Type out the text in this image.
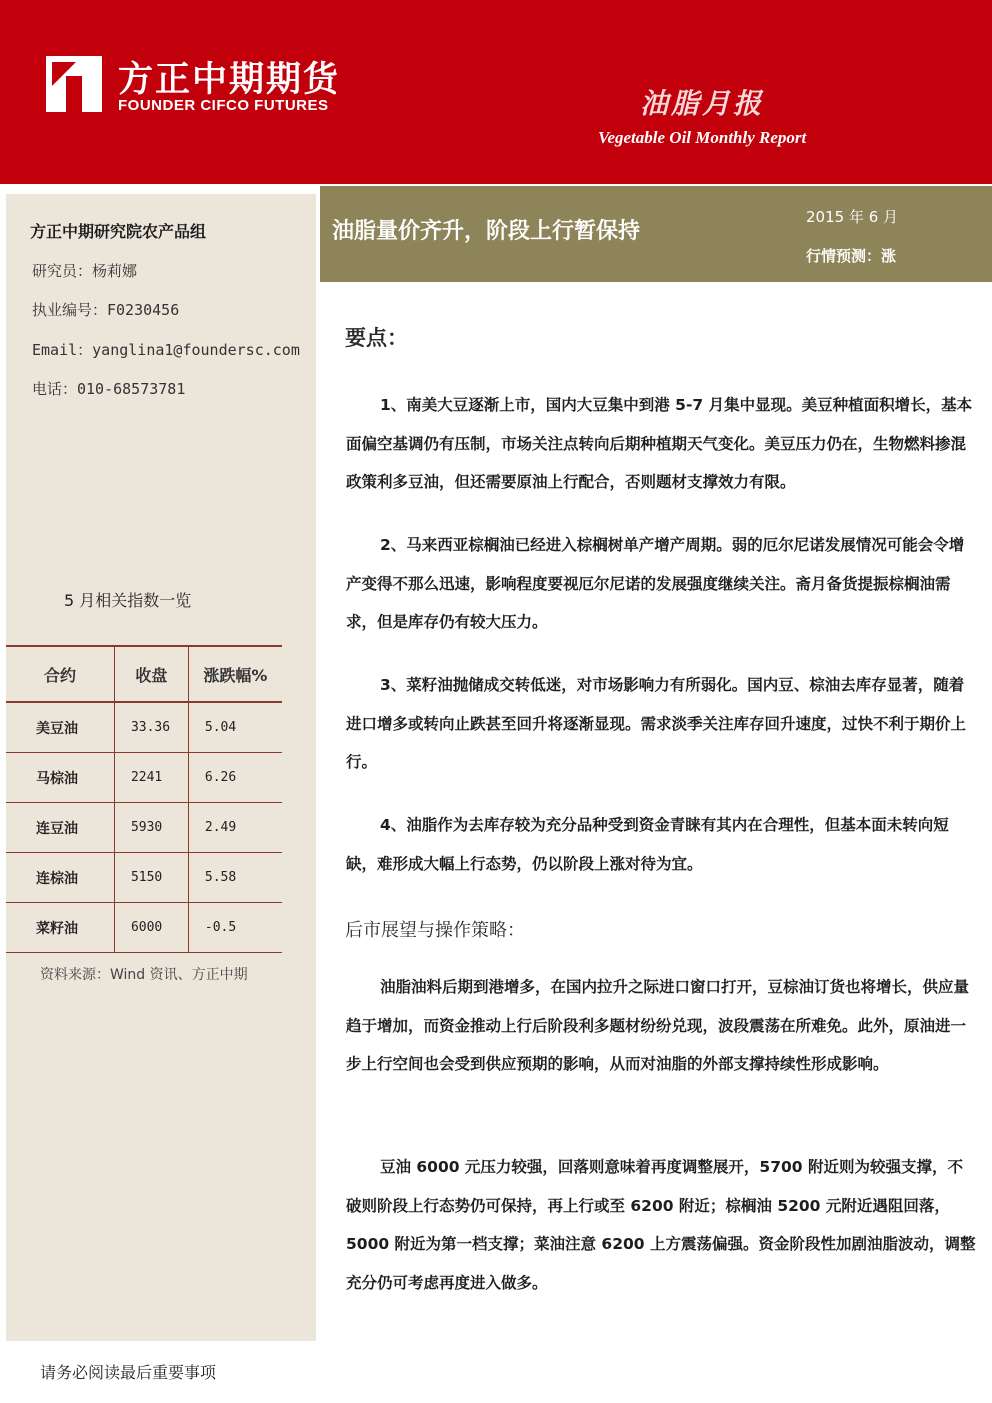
方正中期期货
FOUNDER CIFCO FUTURES	油脂月报
Vegetable Oil Monthly Report
方正中期研究院农产品组
研究员：杨莉娜
执业编号：F0230456
Email：yanglina1@foundersc.com
电话：010-68573781
5 月相关指数一览
合约	收盘	涨跌幅%
美豆油	33.36	5.04
马棕油	2241	6.26
连豆油	5930	2.49
连棕油	5150	5.58
菜籽油	6000	-0.5
资料来源：Wind 资讯、方正中期
油脂量价齐升，阶段上行暂保持
2015 年 6 月
行情预测：涨
要点：

1、南美大豆逐渐上市，国内大豆集中到港 5-7 月集中显现。美豆种植面积增长，基本面偏空基调仍有压制，市场关注点转向后期种植期天气变化。美豆压力仍在，生物燃料掺混政策利多豆油，但还需要原油上行配合，否则题材支撑效力有限。

2、马来西亚棕榈油已经进入棕榈树单产增产周期。弱的厄尔尼诺发展情况可能会令增产变得不那么迅速，影响程度要视厄尔尼诺的发展强度继续关注。斋月备货提振棕榈油需求，但是库存仍有较大压力。

3、菜籽油抛储成交转低迷，对市场影响力有所弱化。国内豆、棕油去库存显著，随着进口增多或转向止跌甚至回升将逐渐显现。需求淡季关注库存回升速度，过快不利于期价上行。

4、油脂作为去库存较为充分品种受到资金青睐有其内在合理性，但基本面未转向短缺，难形成大幅上行态势，仍以阶段上涨对待为宜。

后市展望与操作策略：

油脂油料后期到港增多，在国内拉升之际进口窗口打开，豆棕油订货也将增长，供应量趋于增加，而资金推动上行后阶段利多题材纷纷兑现，波段震荡在所难免。此外，原油进一步上行空间也会受到供应预期的影响，从而对油脂的外部支撑持续性形成影响。

豆油 6000 元压力较强，回落则意味着再度调整展开，5700 附近则为较强支撑，不破则阶段上行态势仍可保持，再上行或至 6200 附近；棕榈油 5200 元附近遇阻回落，5000 附近为第一档支撑；菜油注意 6200 上方震荡偏强。资金阶段性加剧油脂波动，调整充分仍可考虑再度进入做多。

请务必阅读最后重要事项
